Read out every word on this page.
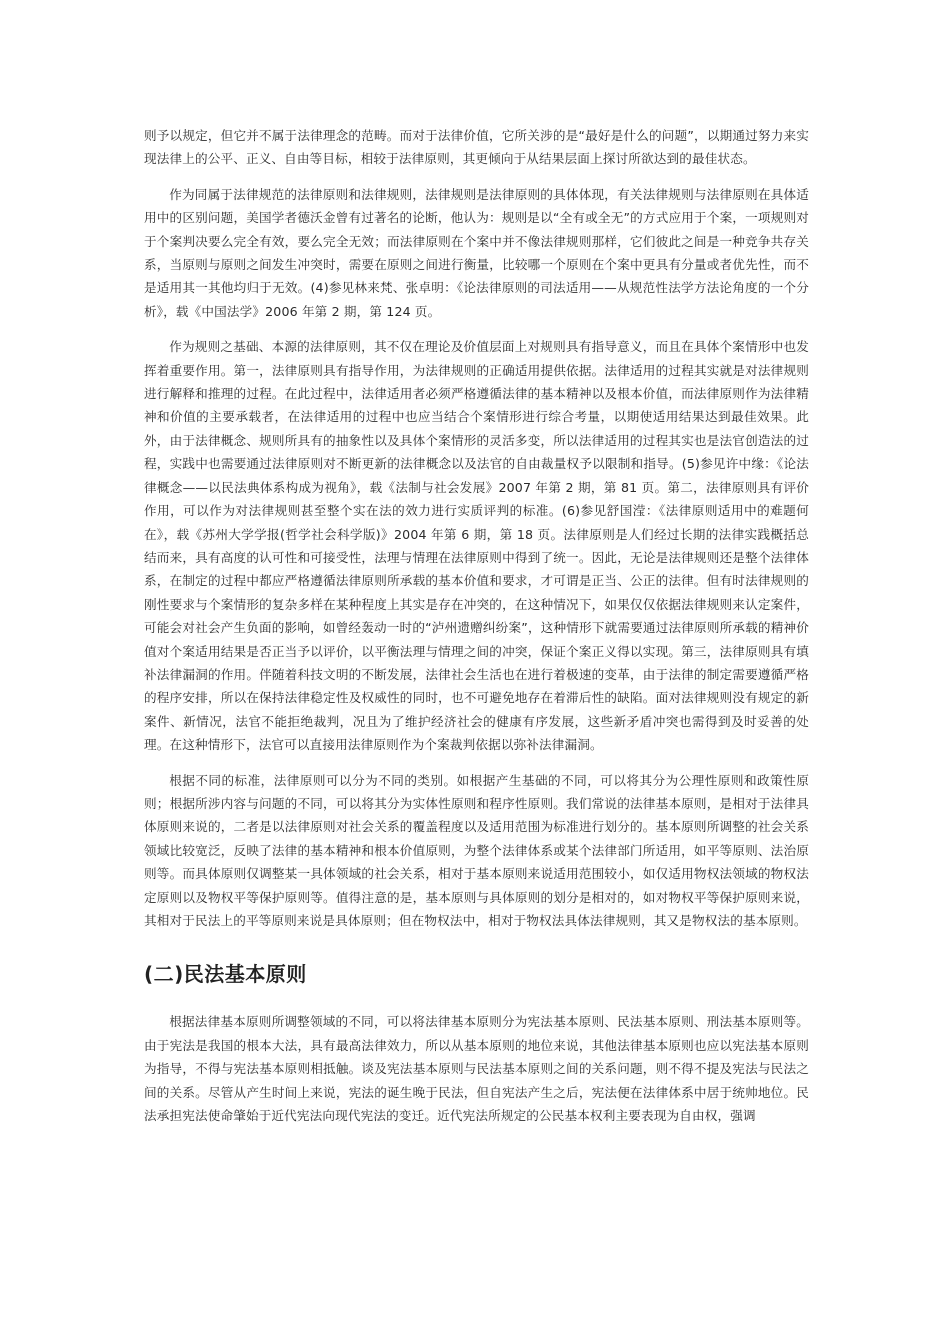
则予以规定，但它并不属于法律理念的范畴。而对于法律价值，它所关涉的是“最好是什么的问题”，以期通过努力来实现法律上的公平、正义、自由等目标，相较于法律原则，其更倾向于从结果层面上探讨所欲达到的最佳状态。

作为同属于法律规范的法律原则和法律规则，法律规则是法律原则的具体体现，有关法律规则与法律原则在具体适用中的区别问题，美国学者德沃金曾有过著名的论断，他认为：规则是以“全有或全无”的方式应用于个案，一项规则对于个案判决要么完全有效，要么完全无效；而法律原则在个案中并不像法律规则那样，它们彼此之间是一种竞争共存关系，当原则与原则之间发生冲突时，需要在原则之间进行衡量，比较哪一个原则在个案中更具有分量或者优先性，而不是适用其一其他均归于无效。(4)参见林来梵、张卓明：《论法律原则的司法适用——从规范性法学方法论角度的一个分析》，载《中国法学》2006 年第 2 期，第 124 页。

作为规则之基础、本源的法律原则，其不仅在理论及价值层面上对规则具有指导意义，而且在具体个案情形中也发挥着重要作用。第一，法律原则具有指导作用，为法律规则的正确适用提供依据。法律适用的过程其实就是对法律规则进行解释和推理的过程。在此过程中，法律适用者必须严格遵循法律的基本精神以及根本价值，而法律原则作为法律精神和价值的主要承载者，在法律适用的过程中也应当结合个案情形进行综合考量，以期使适用结果达到最佳效果。此外，由于法律概念、规则所具有的抽象性以及具体个案情形的灵活多变，所以法律适用的过程其实也是法官创造法的过程，实践中也需要通过法律原则对不断更新的法律概念以及法官的自由裁量权予以限制和指导。(5)参见许中缘：《论法律概念——以民法典体系构成为视角》，载《法制与社会发展》2007 年第 2 期，第 81 页。第二，法律原则具有评价作用，可以作为对法律规则甚至整个实在法的效力进行实质评判的标准。(6)参见舒国滢：《法律原则适用中的难题何在》，载《苏州大学学报(哲学社会科学版)》2004 年第 6 期，第 18 页。法律原则是人们经过长期的法律实践概括总结而来，具有高度的认可性和可接受性，法理与情理在法律原则中得到了统一。因此，无论是法律规则还是整个法律体系，在制定的过程中都应严格遵循法律原则所承载的基本价值和要求，才可谓是正当、公正的法律。但有时法律规则的刚性要求与个案情形的复杂多样在某种程度上其实是存在冲突的，在这种情况下，如果仅仅依据法律规则来认定案件，可能会对社会产生负面的影响，如曾经轰动一时的“泸州遗赠纠纷案”，这种情形下就需要通过法律原则所承载的精神价值对个案适用结果是否正当予以评价，以平衡法理与情理之间的冲突，保证个案正义得以实现。第三，法律原则具有填补法律漏洞的作用。伴随着科技文明的不断发展，法律社会生活也在进行着极速的变革，由于法律的制定需要遵循严格的程序安排，所以在保持法律稳定性及权威性的同时，也不可避免地存在着滞后性的缺陷。面对法律规则没有规定的新案件、新情况，法官不能拒绝裁判，况且为了维护经济社会的健康有序发展，这些新矛盾冲突也需得到及时妥善的处理。在这种情形下，法官可以直接用法律原则作为个案裁判依据以弥补法律漏洞。

根据不同的标准，法律原则可以分为不同的类别。如根据产生基础的不同，可以将其分为公理性原则和政策性原则；根据所涉内容与问题的不同，可以将其分为实体性原则和程序性原则。我们常说的法律基本原则，是相对于法律具体原则来说的，二者是以法律原则对社会关系的覆盖程度以及适用范围为标准进行划分的。基本原则所调整的社会关系领域比较宽泛，反映了法律的基本精神和根本价值原则，为整个法律体系或某个法律部门所适用，如平等原则、法治原则等。而具体原则仅调整某一具体领域的社会关系，相对于基本原则来说适用范围较小，如仅适用物权法领域的物权法定原则以及物权平等保护原则等。值得注意的是，基本原则与具体原则的划分是相对的，如对物权平等保护原则来说，其相对于民法上的平等原则来说是具体原则；但在物权法中，相对于物权法具体法律规则，其又是物权法的基本原则。

(二)民法基本原则

根据法律基本原则所调整领域的不同，可以将法律基本原则分为宪法基本原则、民法基本原则、刑法基本原则等。由于宪法是我国的根本大法，具有最高法律效力，所以从基本原则的地位来说，其他法律基本原则也应以宪法基本原则为指导，不得与宪法基本原则相抵触。谈及宪法基本原则与民法基本原则之间的关系问题，则不得不提及宪法与民法之间的关系。尽管从产生时间上来说，宪法的诞生晚于民法，但自宪法产生之后，宪法便在法律体系中居于统帅地位。民法承担宪法使命肇始于近代宪法向现代宪法的变迁。近代宪法所规定的公民基本权利主要表现为自由权，强调
